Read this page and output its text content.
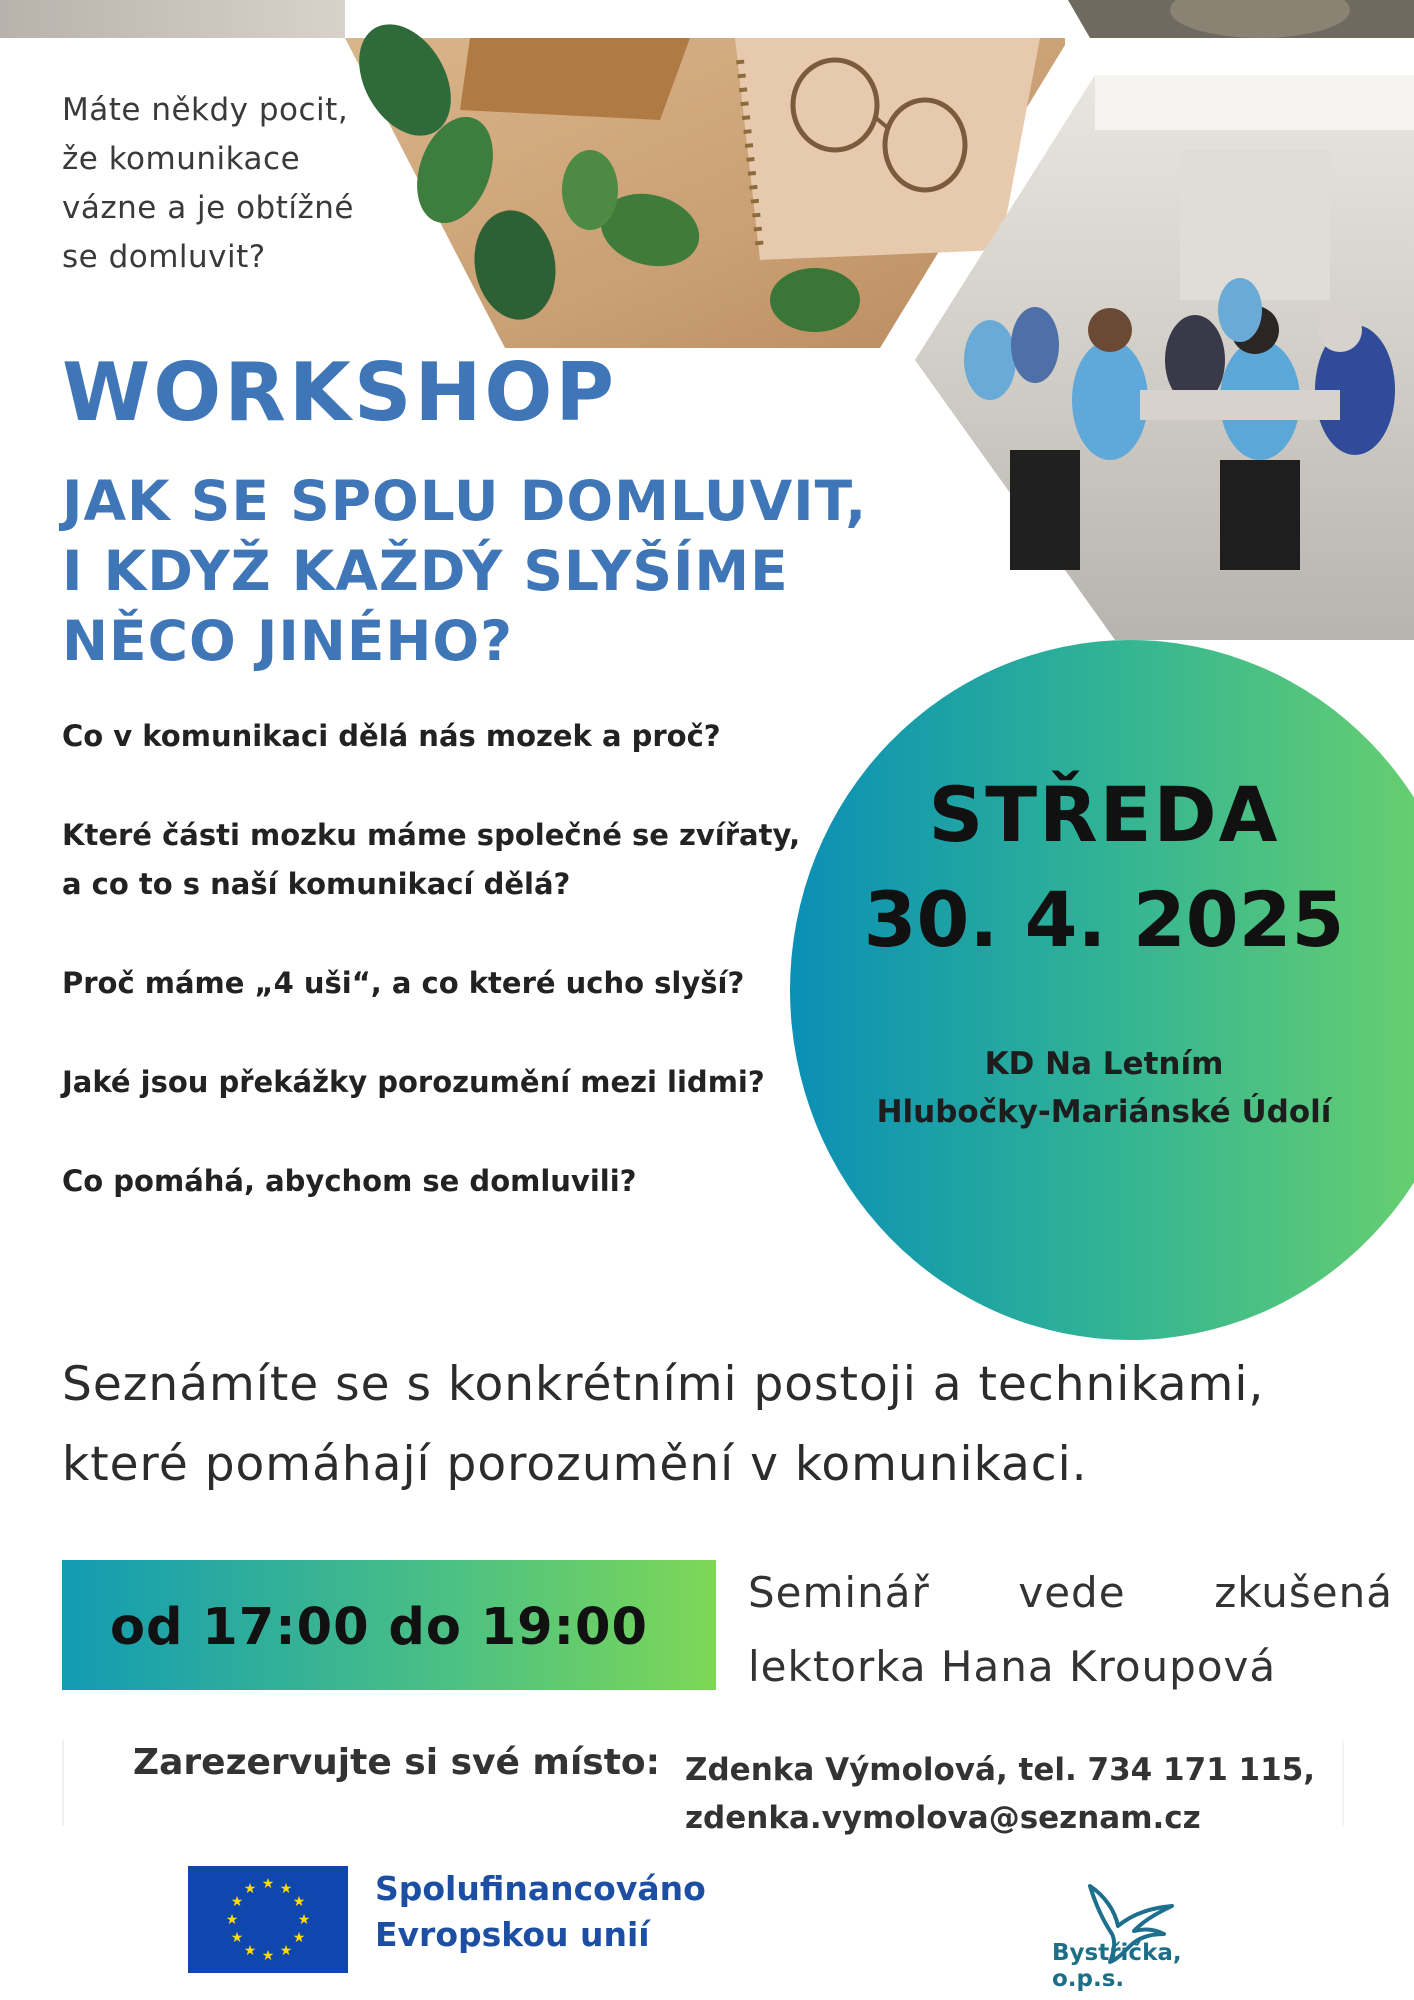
Máte někdy pocit,
že komunikace
vázne a je obtížné
se domluvit?
WORKSHOP
JAK SE SPOLU DOMLUVIT,
I KDYŽ KAŽDÝ SLYŠÍME
NĚCO JINÉHO?

Co v komunikaci dělá nás mozek a proč?

Které části mozku máme společné se zvířaty, a co to s naší komunikací dělá?

Proč máme „4 uši“, a co které ucho slyší?

Jaké jsou překážky porozumění mezi lidmi?

Co pomáhá, abychom se domluvili?

STŘEDA
30. 4. 2025
KD Na Letním
Hlubočky-Mariánské Údolí
Seznámíte se s konkrétními postoji a technikami,
které pomáhají porozumění v komunikaci.
od 17:00 do 19:00
Seminář vede zkušená
lektorka Hana Kroupová
Zarezervujte si své místo: Zdenka Výmolová, tel. 734 171 115,
zdenka.vymolova@seznam.cz
★ ★
★
★
★
★
★
★
★
★
★
★	Spolufinancováno
Evropskou unií	Bystřička, o.p.s.
